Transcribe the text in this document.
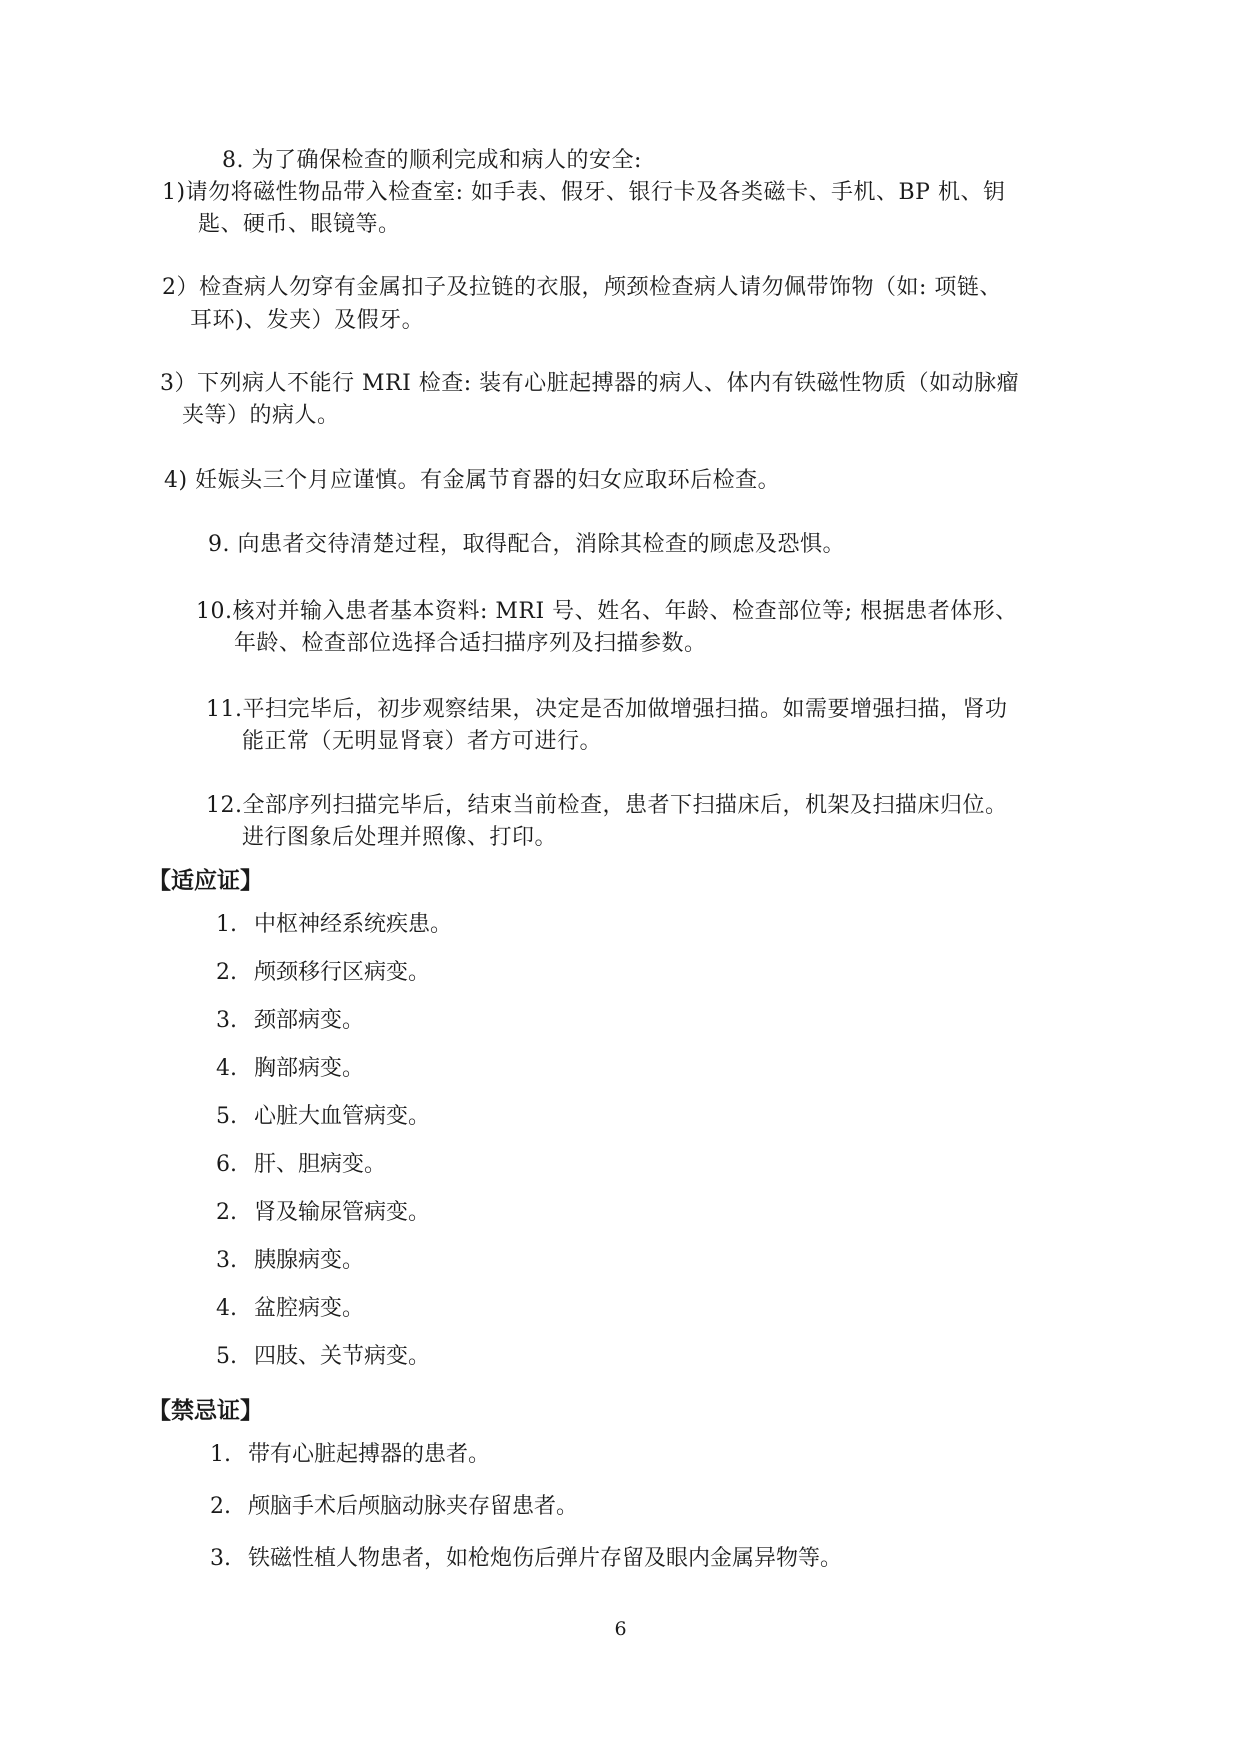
8. 为了确保检查的顺利完成和病人的安全:
1)请勿将磁性物品带入检查室: 如手表、假牙、银行卡及各类磁卡、手机、BP 机、钥
匙、硬币、眼镜等。
2）检查病人勿穿有金属扣子及拉链的衣服，颅颈检查病人请勿佩带饰物（如: 项链、
耳环)、发夹）及假牙。
3）下列病人不能行 MRI 检查: 装有心脏起搏器的病人、体内有铁磁性物质（如动脉瘤
夹等）的病人。
4) 妊娠头三个月应谨慎。有金属节育器的妇女应取环后检查。
9. 向患者交待清楚过程，取得配合，消除其检查的顾虑及恐惧。
10.核对并输入患者基本资料: MRI 号、姓名、年龄、检查部位等; 根据患者体形、
年龄、检查部位选择合适扫描序列及扫描参数。
11.平扫完毕后，初步观察结果，决定是否加做增强扫描。如需要增强扫描，肾功
能正常（无明显肾衰）者方可进行。
12.全部序列扫描完毕后，结束当前检查，患者下扫描床后，机架及扫描床归位。
进行图象后处理并照像、打印。
【适应证】
1. 中枢神经系统疾患。
2. 颅颈移行区病变。
3. 颈部病变。
4. 胸部病变。
5. 心脏大血管病变。
6. 肝、胆病变。
2. 肾及输尿管病变。
3. 胰腺病变。
4. 盆腔病变。
5. 四肢、关节病变。
【禁忌证】
1. 带有心脏起搏器的患者。
2. 颅脑手术后颅脑动脉夹存留患者。
3. 铁磁性植人物患者，如枪炮伤后弹片存留及眼内金属异物等。
6
